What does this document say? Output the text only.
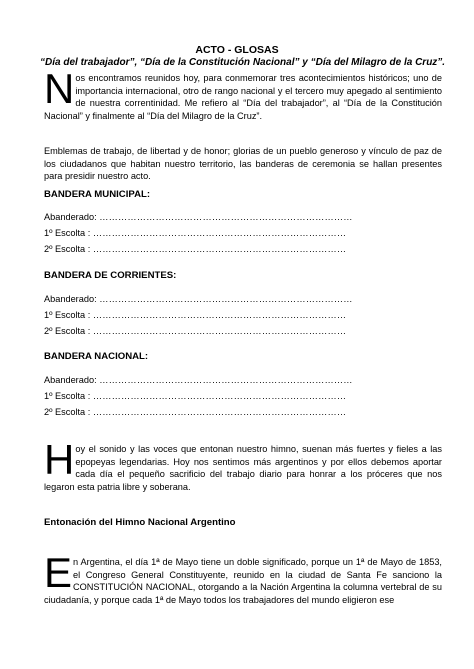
ACTO - GLOSAS
“Día del trabajador”, “Día de la Constitución Nacional” y “Día del Milagro de la Cruz”.
N os encontramos reunidos hoy, para conmemorar tres acontecimientos históricos; uno de importancia internacional, otro de rango nacional y el tercero muy apegado al sentimiento de nuestra correntinidad. Me refiero al “Día del trabajador”, al “Día de la Constitución Nacional” y finalmente al “Día del Milagro de la Cruz”.
Emblemas de trabajo, de libertad y de honor; glorias de un pueblo generoso y vínculo de paz de los ciudadanos que habitan nuestro territorio, las banderas de ceremonia se hallan presentes para presidir nuestro acto.
BANDERA MUNICIPAL:
Abanderado: ………………………………………………………………………
1º Escolta : ………………………………………………………………………
2º Escolta : ………………………………………………………………………
BANDERA DE CORRIENTES:
Abanderado: ………………………………………………………………………
1º Escolta : ………………………………………………………………………
2º Escolta : ………………………………………………………………………
BANDERA NACIONAL:
Abanderado: ………………………………………………………………………
1º Escolta : ………………………………………………………………………
2º Escolta : ………………………………………………………………………
H oy el sonido y las voces que entonan nuestro himno, suenan más fuertes y fieles a las epopeyas legendarias. Hoy nos sentimos más argentinos y por ellos debemos aportar cada día el pequeño sacrificio del trabajo diario para honrar a los próceres que nos legaron esta patria libre y soberana.
Entonación del Himno Nacional Argentino
E n Argentina, el día 1ª de Mayo tiene un doble significado, porque un 1ª de Mayo de 1853, el Congreso General Constituyente, reunido en la ciudad de Santa Fe sanciono la CONSTITUCIÓN NACIONAL, otorgando a la Nación Argentina la columna vertebral de su ciudadanía, y porque cada 1ª de Mayo todos los trabajadores del mundo eligieron ese
